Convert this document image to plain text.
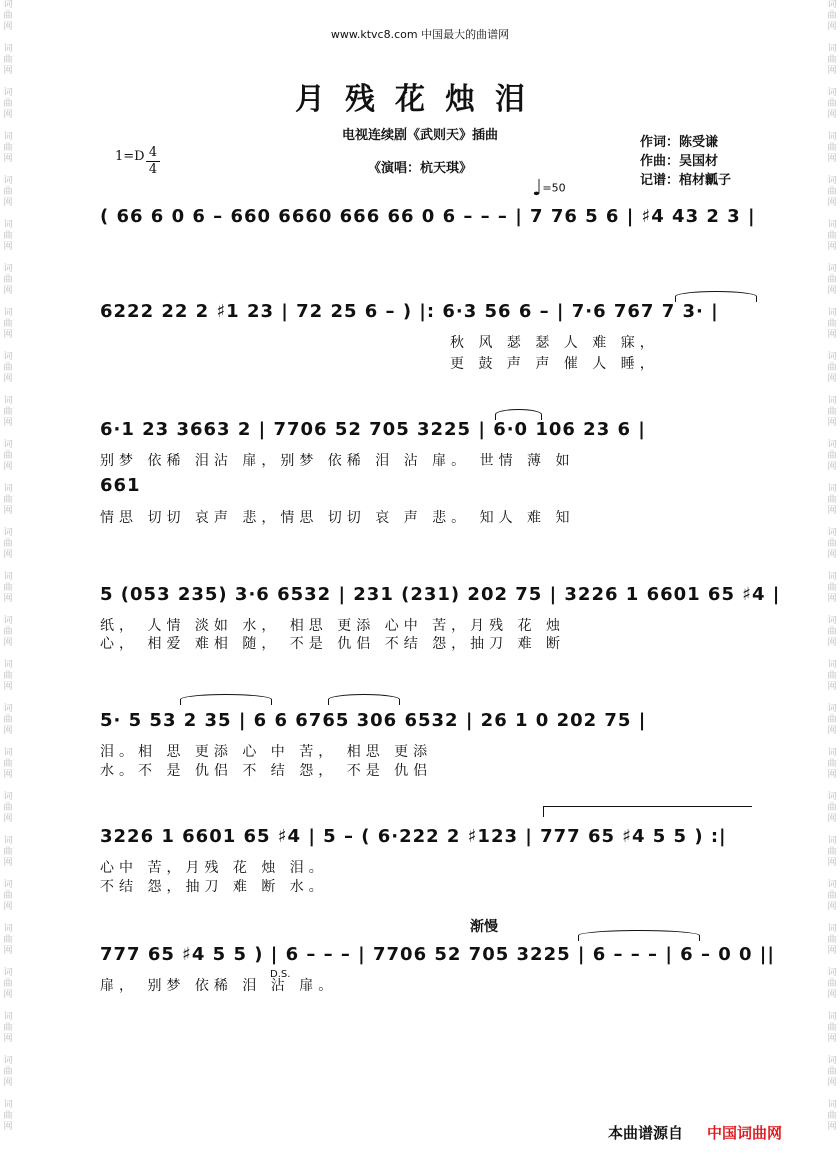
词
曲
网

词
曲
网

词
曲
网

词
曲
网

词
曲
网

词
曲
网

词
曲
网

词
曲
网

词
曲
网

词
曲
网

词
曲
网

词
曲
网

词
曲
网

词
曲
网

词
曲
网

词
曲
网

词
曲
网

词
曲
网

词
曲
网

词
曲
网

词
曲
网

词
曲
网

词
曲
网

词
曲
网

词
曲
网

词
曲
网
词
曲
网

词
曲
网

词
曲
网

词
曲
网

词
曲
网

词
曲
网

词
曲
网

词
曲
网

词
曲
网

词
曲
网

词
曲
网

词
曲
网

词
曲
网

词
曲
网

词
曲
网

词
曲
网

词
曲
网

词
曲
网

词
曲
网

词
曲
网

词
曲
网

词
曲
网

词
曲
网

词
曲
网

词
曲
网

词
曲
网
www.ktvc8.com 中国最大的曲谱网
月残花烛泪
电视连续剧《武则天》插曲
《演唱：杭天琪》
作词：陈受谦
作曲：吴国材
记谱：棺材瓤子
1=D 4
4
♩=50
( 66 6 0 6 – 660 6660 666 66 0 6 – – – | 7 76 5 6 | ♯4 43 2 3 |
6222 22 2 ♯1 23 | 72 25 6 – ) |: 6·3 56 6 – | 7·6 767 7 3· |
秋 风 瑟 瑟 人 难 寐，
更 鼓 声 声 催 人 睡，
6·1 23 3663 2 | 7706 52 705 3225 | 6·0 106 23 6 |
661
别梦 依稀 泪沾 扉，别梦 依稀 泪 沾 扉。 世情 薄 如
情思 切切 哀声 悲，情思 切切 哀 声 悲。 知人 难 知
5 (053 235) 3·6 6532 | 231 (231) 202 75 | 3226 1 6601 65 ♯4 |
纸， 人情 淡如 水， 相思 更添 心中 苦，月残 花 烛
心， 相爱 难相 随， 不是 仇侣 不结 怨，抽刀 难 断
5· 5 53 2 35 | 6 6 6765 306 6532 | 26 1 0 202 75 |
泪。相 思 更添 心 中 苦， 相思 更添
水。不 是 仇侣 不 结 怨， 不是 仇侣
3226 1 6601 65 ♯4 | 5 – ( 6·222 2 ♯123 | 777 65 ♯4 5 5 ) :|
心中 苦，月残 花 烛 泪。
不结 怨，抽刀 难 断 水。
渐慢
777 65 ♯4 5 5 ) | 6 – – – | 7706 52 705 3225 | 6 – – – | 6 – 0 0 ||
扉， 别梦 依稀 泪 沾 扉。
D.S.
本曲谱源自 中国词曲网
